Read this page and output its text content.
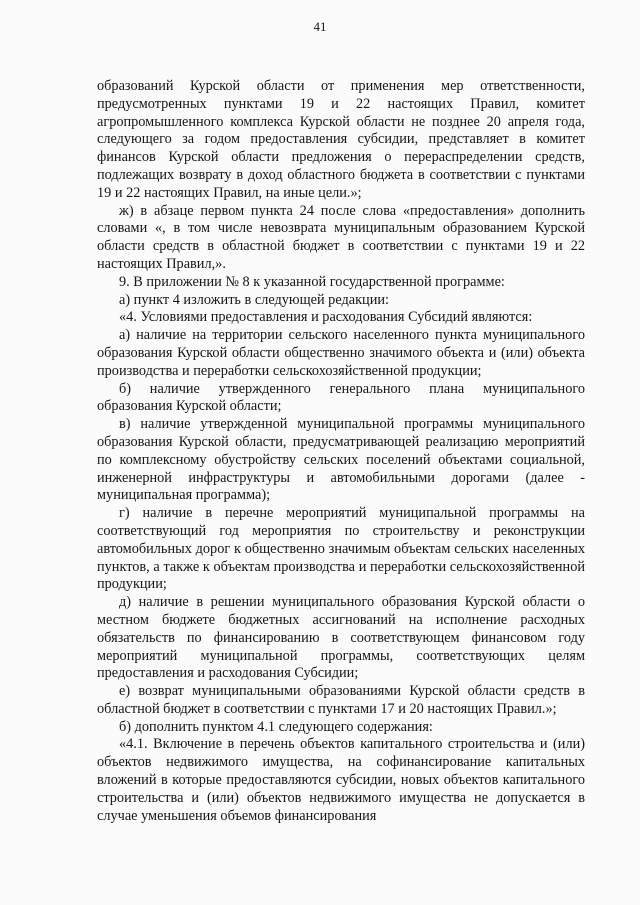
41

образований Курской области от применения мер ответственности, предусмотренных пунктами 19 и 22 настоящих Правил, комитет агропромышленного комплекса Курской области не позднее 20 апреля года, следующего за годом предоставления субсидии, представляет в комитет финансов Курской области предложения о перераспределении средств, подлежащих возврату в доход областного бюджета в соответствии с пунктами 19 и 22 настоящих Правил, на иные цели.»;

ж) в абзаце первом пункта 24 после слова «предоставления» дополнить словами «, в том числе невозврата муниципальным образованием Курской области средств в областной бюджет в соответствии с пунктами 19 и 22 настоящих Правил,».

9. В приложении № 8 к указанной государственной программе:

а) пункт 4 изложить в следующей редакции:

«4. Условиями предоставления и расходования Субсидий являются:

а) наличие на территории сельского населенного пункта муниципального образования Курской области общественно значимого объекта и (или) объекта производства и переработки сельскохозяйственной продукции;

б) наличие утвержденного генерального плана муниципального образования Курской области;

в) наличие утвержденной муниципальной программы муниципального образования Курской области, предусматривающей реализацию мероприятий по комплексному обустройству сельских поселений объектами социальной, инженерной инфраструктуры и автомобильными дорогами (далее - муниципальная программа);

г) наличие в перечне мероприятий муниципальной программы на соответствующий год мероприятия по строительству и реконструкции автомобильных дорог к общественно значимым объектам сельских населенных пунктов, а также к объектам производства и переработки сельскохозяйственной продукции;

д) наличие в решении муниципального образования Курской области о местном бюджете бюджетных ассигнований на исполнение расходных обязательств по финансированию в соответствующем финансовом году мероприятий муниципальной программы, соответствующих целям предоставления и расходования Субсидии;

е) возврат муниципальными образованиями Курской области средств в областной бюджет в соответствии с пунктами 17 и 20 настоящих Правил.»;

б) дополнить пунктом 4.1 следующего содержания:

«4.1. Включение в перечень объектов капитального строительства и (или) объектов недвижимого имущества, на софинансирование капитальных вложений в которые предоставляются субсидии, новых объектов капитального строительства и (или) объектов недвижимого имущества не допускается в случае уменьшения объемов финансирования
